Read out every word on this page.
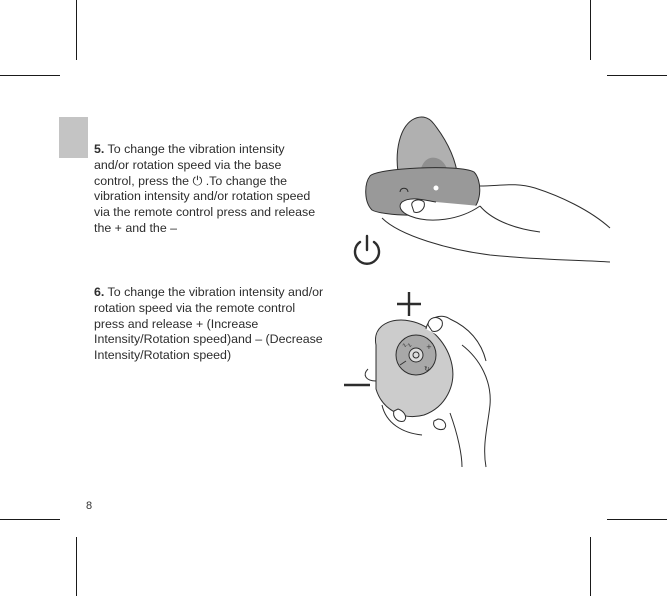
5. To change the vibration intensity and/or rotation speed via the base control, press the ⏻ .To change the vibration intensity and/or rotation speed via the remote control press and release the + and the –
6. To change the vibration intensity and/or rotation speed via the remote control press and release + (Increase Intensity/Rotation speed)and – (Decrease Intensity/Rotation speed)
∿∿ +
↻
8
